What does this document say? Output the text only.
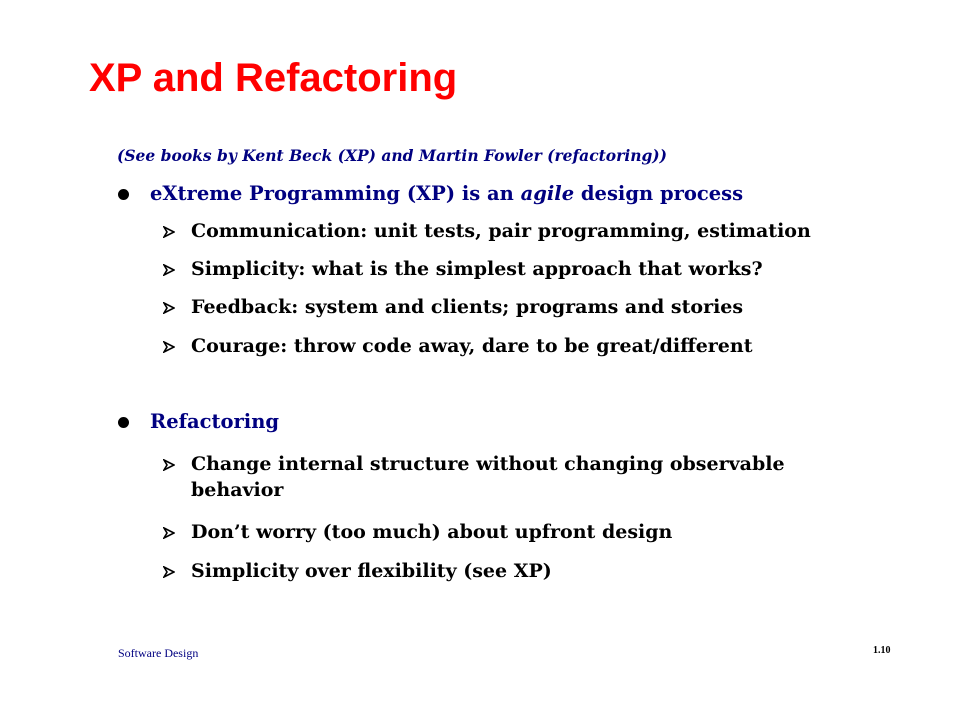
XP and Refactoring
(See books by Kent Beck (XP) and Martin Fowler (refactoring))
eXtreme Programming (XP) is an agile design process
Communication: unit tests, pair programming, estimation
Simplicity: what is the simplest approach that works?
Feedback: system and clients; programs and stories
Courage: throw code away, dare to be great/different
Refactoring
Change internal structure without changing observable behavior
Don’t worry (too much) about upfront design
Simplicity over flexibility (see XP)
Software Design	1.10
